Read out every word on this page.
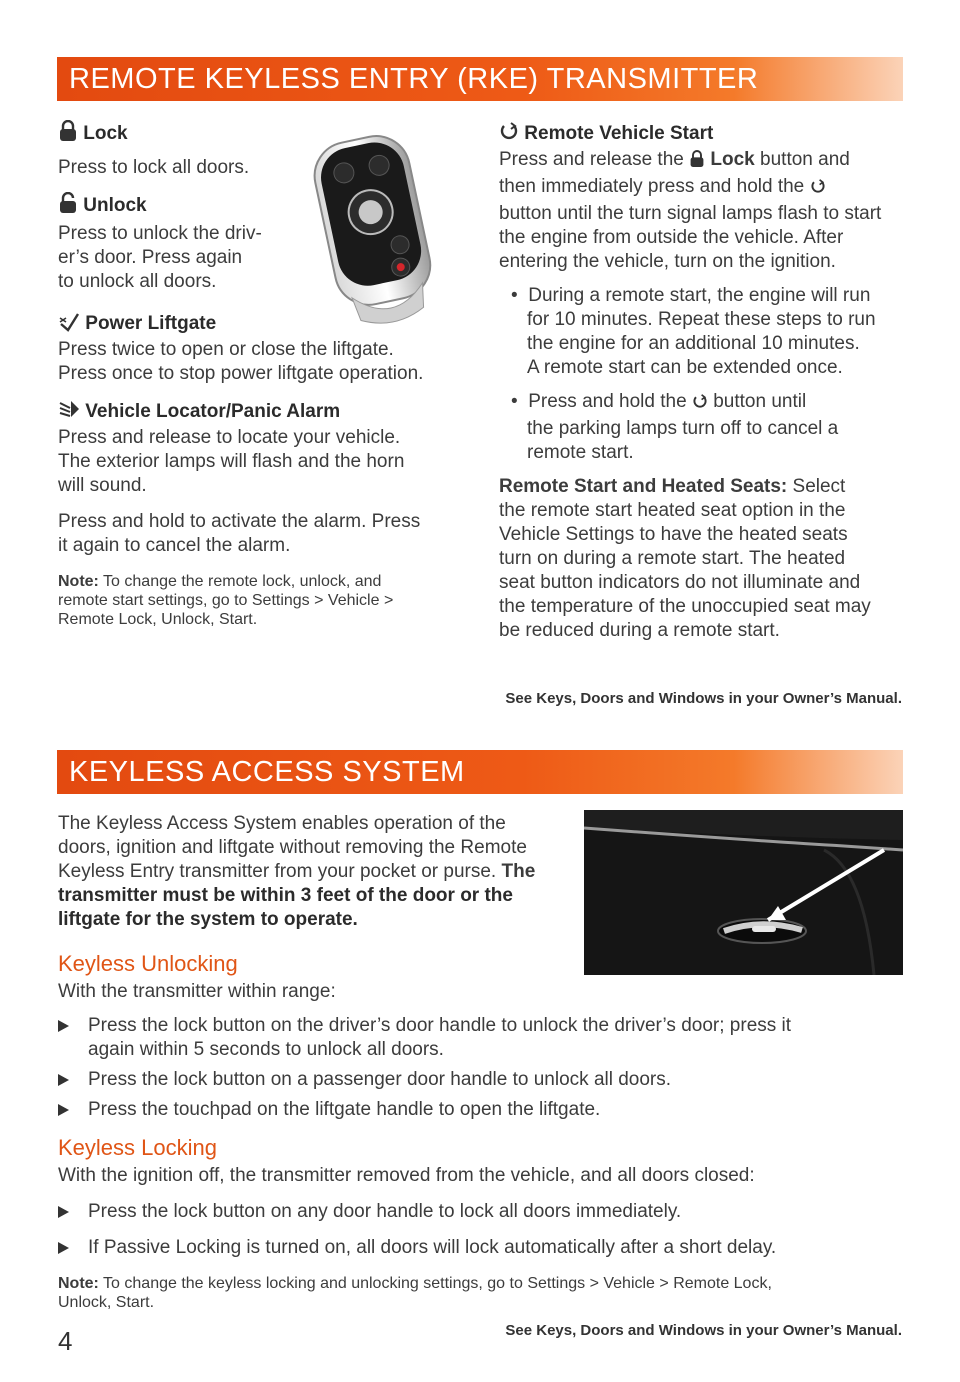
REMOTE KEYLESS ENTRY (RKE) TRANSMITTER

Lock

Press to lock all doors.

Unlock

Press to unlock the driv-

er’s door. Press again

to unlock all doors.

Power Liftgate

Press twice to open or close the liftgate.

Press once to stop power liftgate operation.

Vehicle Locator/Panic Alarm

Press and release to locate your vehicle.

The exterior lamps will flash and the horn

will sound.

Press and hold to activate the alarm. Press

it again to cancel the alarm.

Note: To change the remote lock, unlock, and
remote start settings, go to Settings > Vehicle >
Remote Lock, Unlock, Start.

Remote Vehicle Start

Press and release the  Lock button and

then immediately press and hold the

button until the turn signal lamps flash to start

the engine from outside the vehicle. After

entering the vehicle, turn on the ignition.

•  During a remote start, the engine will run
for 10 minutes. Repeat these steps to run
the engine for an additional 10 minutes.
A remote start can be extended once.
•  Press and hold the  button until
the parking lamps turn off to cancel a
remote start.

Remote Start and Heated Seats: Select

the remote start heated seat option in the

Vehicle Settings to have the heated seats

turn on during a remote start. The heated

seat button indicators do not illuminate and

the temperature of the unoccupied seat may

be reduced during a remote start.

See Keys, Doors and Windows in your Owner’s Manual.

KEYLESS ACCESS SYSTEM

The Keyless Access System enables operation of the

doors, ignition and liftgate without removing the Remote

Keyless Entry transmitter from your pocket or purse. The

transmitter must be within 3 feet of the door or the

liftgate for the system to operate.

Keyless Unlocking

With the transmitter within range:

Press the lock button on the driver’s door handle to unlock the driver’s door; press it
again within 5 seconds to unlock all doors.
Press the lock button on a passenger door handle to unlock all doors.
Press the touchpad on the liftgate handle to open the liftgate.

Keyless Locking

With the ignition off, the transmitter removed from the vehicle, and all doors closed:

Press the lock button on any door handle to lock all doors immediately.
If Passive Locking is turned on, all doors will lock automatically after a short delay.

Note: To change the keyless locking and unlocking settings, go to Settings > Vehicle > Remote Lock,
Unlock, Start.

4	See Keys, Doors and Windows in your Owner’s Manual.
